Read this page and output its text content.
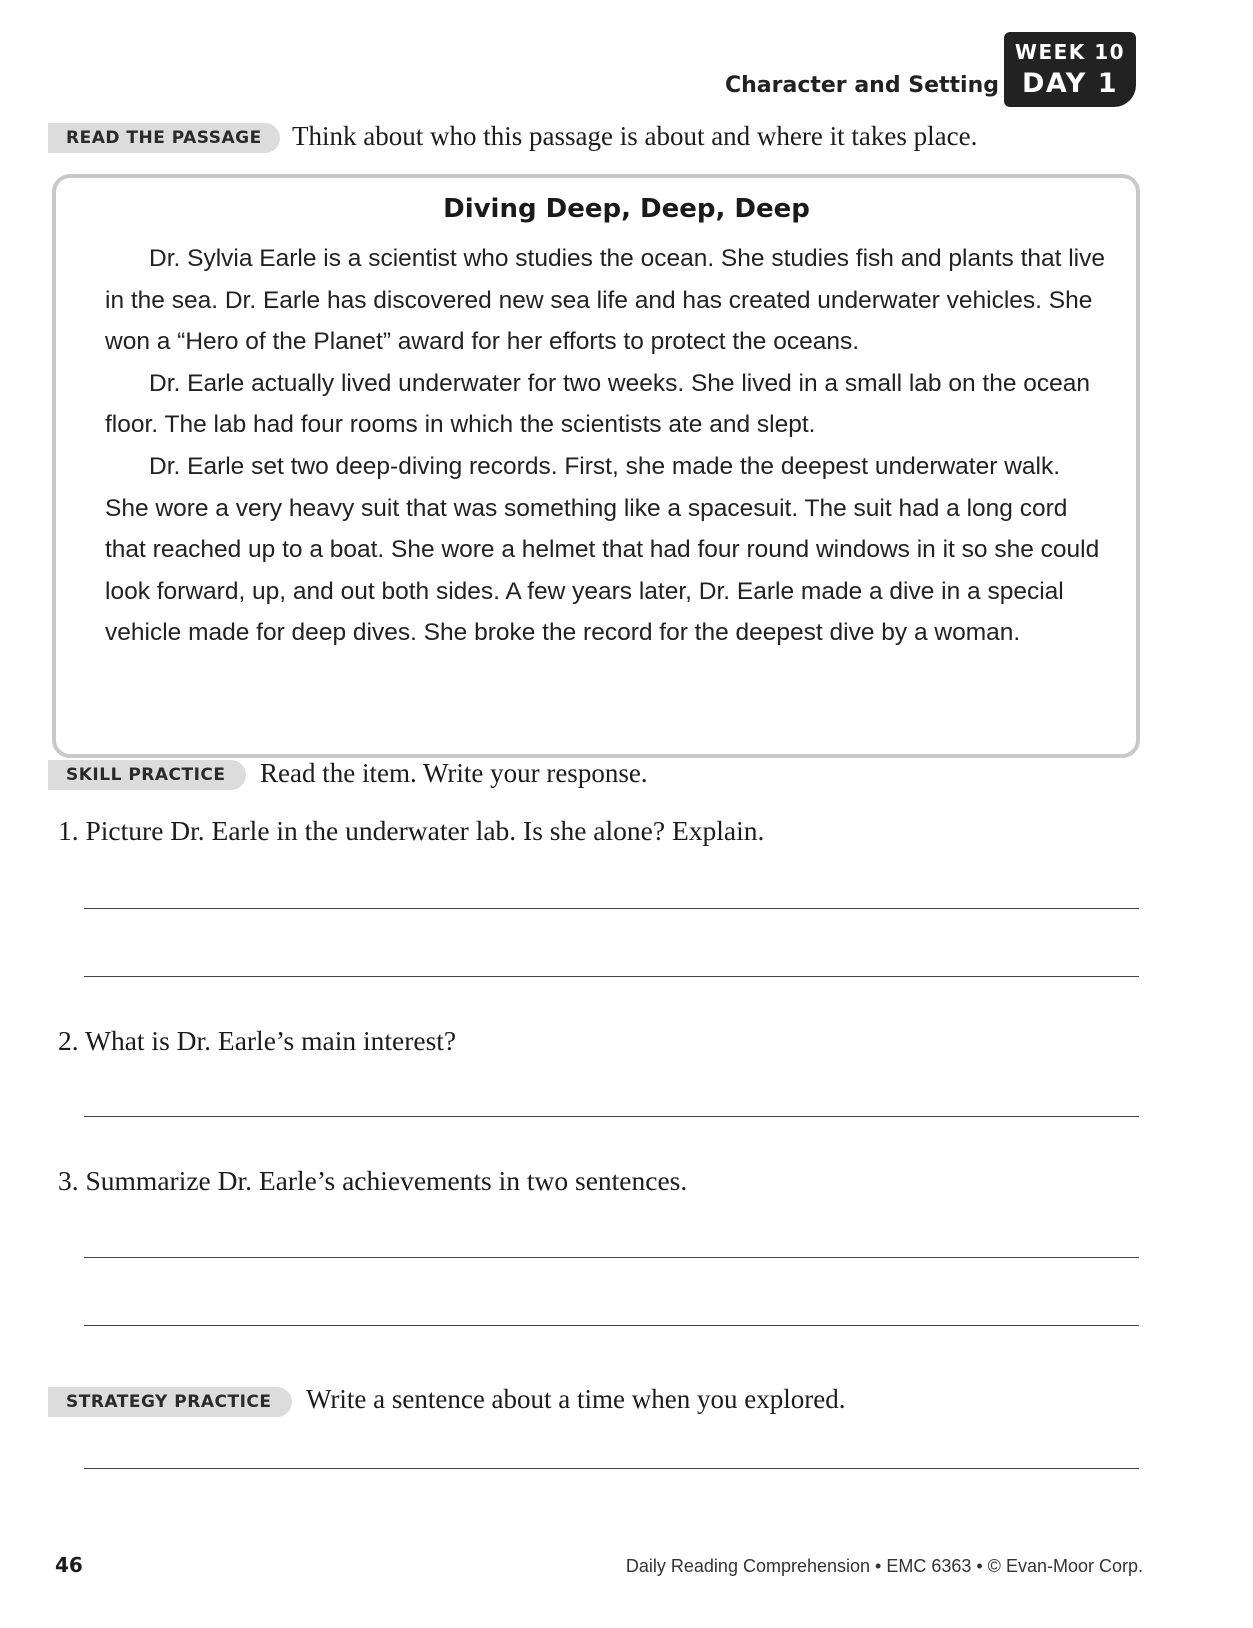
WEEK 10
DAY 1
Character and Setting
READ THE PASSAGE	Think about who this passage is about and where it takes place.
Diving Deep, Deep, Deep

Dr. Sylvia Earle is a scientist who studies the ocean. She studies fish and plants that live in the sea. Dr. Earle has discovered new sea life and has created underwater vehicles. She won a “Hero of the Planet” award for her efforts to protect the oceans.

Dr. Earle actually lived underwater for two weeks. She lived in a small lab on the ocean floor. The lab had four rooms in which the scientists ate and slept.

Dr. Earle set two deep-diving records. First, she made the deepest underwater walk. She wore a very heavy suit that was something like a spacesuit. The suit had a long cord that reached up to a boat. She wore a helmet that had four round windows in it so she could look forward, up, and out both sides. A few years later, Dr. Earle made a dive in a special vehicle made for deep dives. She broke the record for the deepest dive by a woman.

SKILL PRACTICE	Read the item. Write your response.
1. Picture Dr. Earle in the underwater lab. Is she alone? Explain.
2. What is Dr. Earle’s main interest?
3. Summarize Dr. Earle’s achievements in two sentences.
STRATEGY PRACTICE	Write a sentence about a time when you explored.
46	Daily Reading Comprehension • EMC 6363 • © Evan-Moor Corp.
